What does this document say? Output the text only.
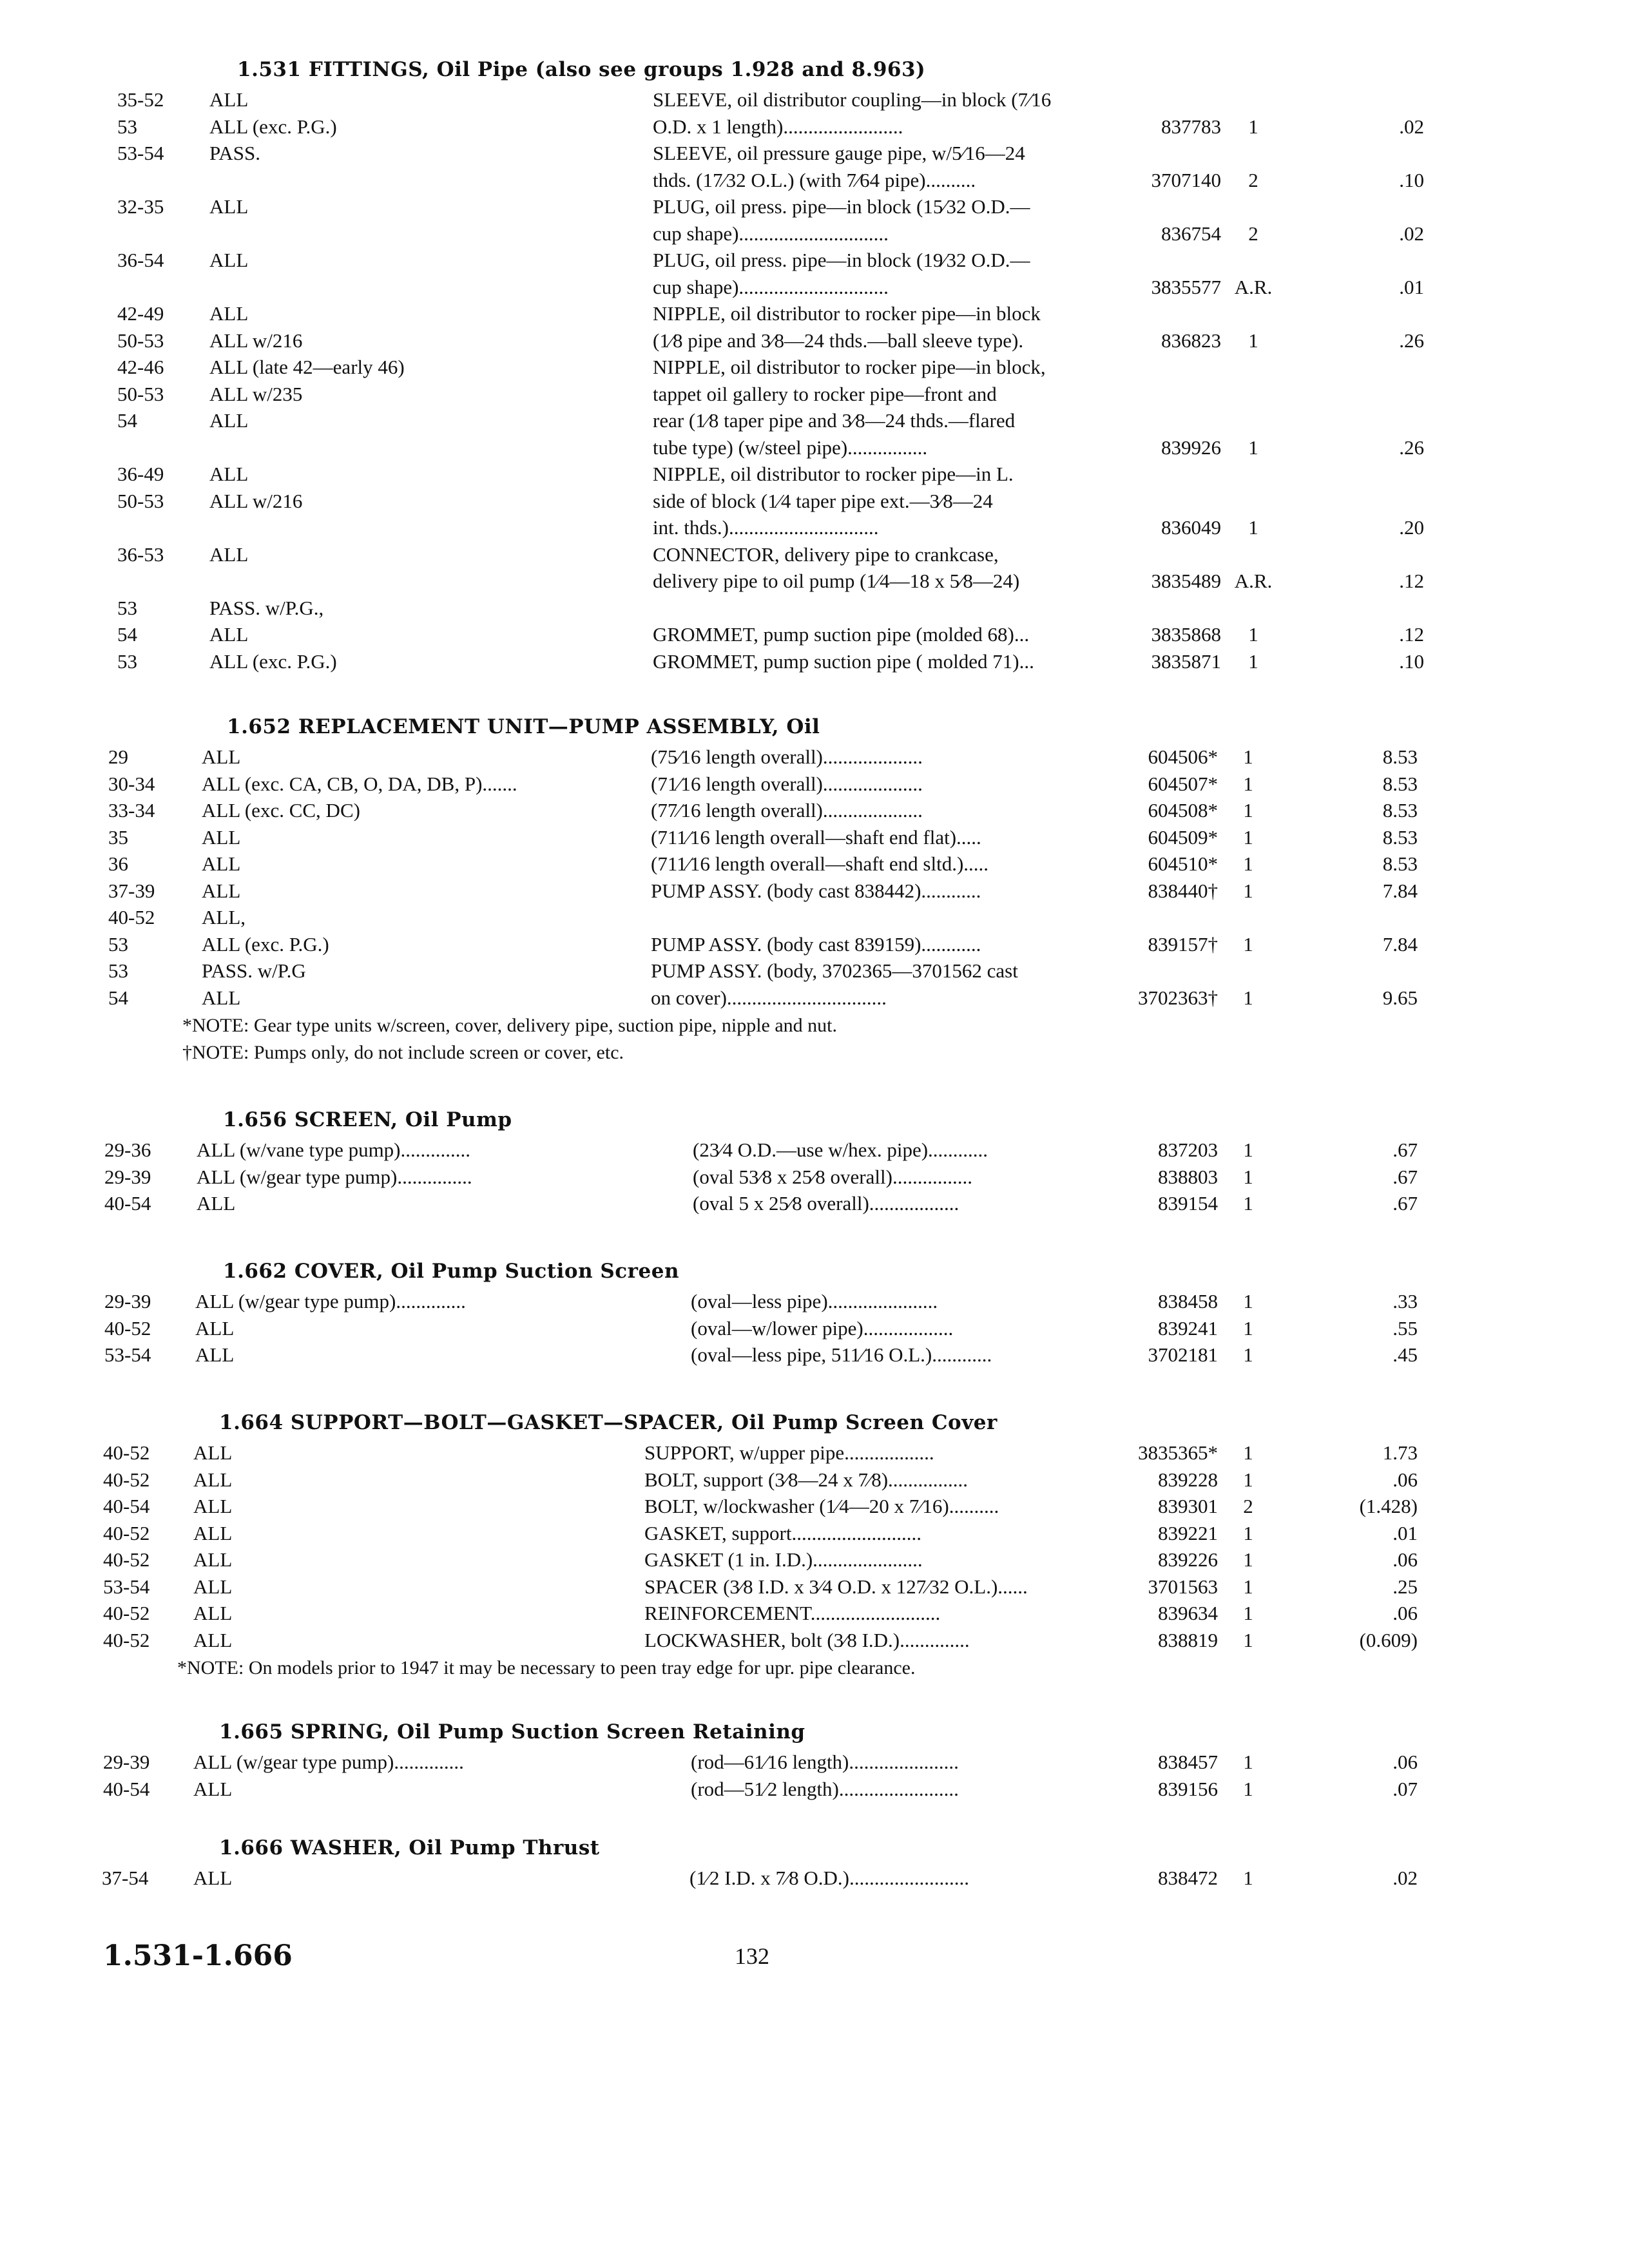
1.531 FITTINGS, Oil Pipe (also see groups 1.928 and 8.963)
35-52 ALL	SLEEVE, oil distributor coupling—in block (7⁄16
53	ALL (exc. P.G.)	O.D. x 1 length)........................	837783	1	.02
53-54 PASS.	SLEEVE, oil pressure gauge pipe, w/5⁄16—24
thds. (17⁄32 O.L.) (with 7⁄64 pipe)..........	3707140	2	.10
32-35 ALL	PLUG, oil press. pipe—in block (15⁄32 O.D.—
cup shape)..............................	836754	2	.02
36-54 ALL	PLUG, oil press. pipe—in block (19⁄32 O.D.—
cup shape)..............................	3835577 A.R.	.01
42-49 ALL	NIPPLE, oil distributor to rocker pipe—in block
50-53 ALL w/216	(1⁄8 pipe and 3⁄8—24 thds.—ball sleeve type).	836823	1	.26
42-46 ALL (late 42—early 46)	NIPPLE, oil distributor to rocker pipe—in block,
50-53 ALL w/235	tappet oil gallery to rocker pipe—front and
54	ALL	rear (1⁄8 taper pipe and 3⁄8—24 thds.—flared
tube type) (w/steel pipe)................	839926	1	.26
36-49 ALL	NIPPLE, oil distributor to rocker pipe—in L.
50-53 ALL w/216	side of block (1⁄4 taper pipe ext.—3⁄8—24
int. thds.)..............................	836049	1	.20
36-53 ALL	CONNECTOR, delivery pipe to crankcase,
delivery pipe to oil pump (1⁄4—18 x 5⁄8—24)	3835489 A.R.	.12
53	PASS. w/P.G.,
54	ALL	GROMMET, pump suction pipe (molded 68)...	3835868	1	.12
53	ALL (exc. P.G.)	GROMMET, pump suction pipe ( molded 71)...	3835871	1	.10
1.652 REPLACEMENT UNIT—PUMP ASSEMBLY, Oil
29	ALL	(75⁄16 length overall)....................	604506*	1	8.53
30-34 ALL (exc. CA, CB, O, DA, DB, P).......	(71⁄16 length overall)....................	604507*	1	8.53
33-34 ALL (exc. CC, DC)	(77⁄16 length overall)....................	604508*	1	8.53
35	ALL	(711⁄16 length overall—shaft end flat).....	604509*	1	8.53
36	ALL	(711⁄16 length overall—shaft end sltd.).....	604510*	1	8.53
37-39 ALL	PUMP ASSY. (body cast 838442)............	838440†	1	7.84
40-52 ALL,
53	ALL (exc. P.G.)	PUMP ASSY. (body cast 839159)............	839157†	1	7.84
53	PASS. w/P.G	PUMP ASSY. (body, 3702365—3701562 cast
54	ALL	on cover)................................	3702363†	1	9.65
*NOTE: Gear type units w/screen, cover, delivery pipe, suction pipe, nipple and nut.
†NOTE: Pumps only, do not include screen or cover, etc.
1.656 SCREEN, Oil Pump
29-36 ALL (w/vane type pump)..............	(23⁄4 O.D.—use w/hex. pipe)............	837203	1	.67
29-39 ALL (w/gear type pump)...............	(oval 53⁄8 x 25⁄8 overall)................	838803	1	.67
40-54 ALL	(oval 5 x 25⁄8 overall)..................	839154	1	.67
1.662 COVER, Oil Pump Suction Screen
29-39 ALL (w/gear type pump)..............	(oval—less pipe)......................	838458	1	.33
40-52 ALL	(oval—w/lower pipe)..................	839241	1	.55
53-54 ALL	(oval—less pipe, 511⁄16 O.L.)............	3702181	1	.45
1.664 SUPPORT—BOLT—GASKET—SPACER, Oil Pump Screen Cover
40-52 ALL	SUPPORT, w/upper pipe..................	3835365*	1	1.73
40-52 ALL	BOLT, support (3⁄8—24 x 7⁄8)................	839228	1	.06
40-54 ALL	BOLT, w/lockwasher (1⁄4—20 x 7⁄16)..........	839301	2	(1.428)
40-52 ALL	GASKET, support..........................	839221	1	.01
40-52 ALL	GASKET (1 in. I.D.)......................	839226	1	.06
53-54 ALL	SPACER (3⁄8 I.D. x 3⁄4 O.D. x 127⁄32 O.L.)......	3701563	1	.25
40-52 ALL	REINFORCEMENT..........................	839634	1	.06
40-52 ALL	LOCKWASHER, bolt (3⁄8 I.D.)..............	838819	1	(0.609)
*NOTE: On models prior to 1947 it may be necessary to peen tray edge for upr. pipe clearance.
1.665 SPRING, Oil Pump Suction Screen Retaining
29-39 ALL (w/gear type pump)..............	(rod—61⁄16 length)......................	838457	1	.06
40-54 ALL	(rod—51⁄2 length)........................	839156	1	.07
1.666 WASHER, Oil Pump Thrust
37-54 ALL	(1⁄2 I.D. x 7⁄8 O.D.)........................	838472	1	.02
1.531-1.666	132
